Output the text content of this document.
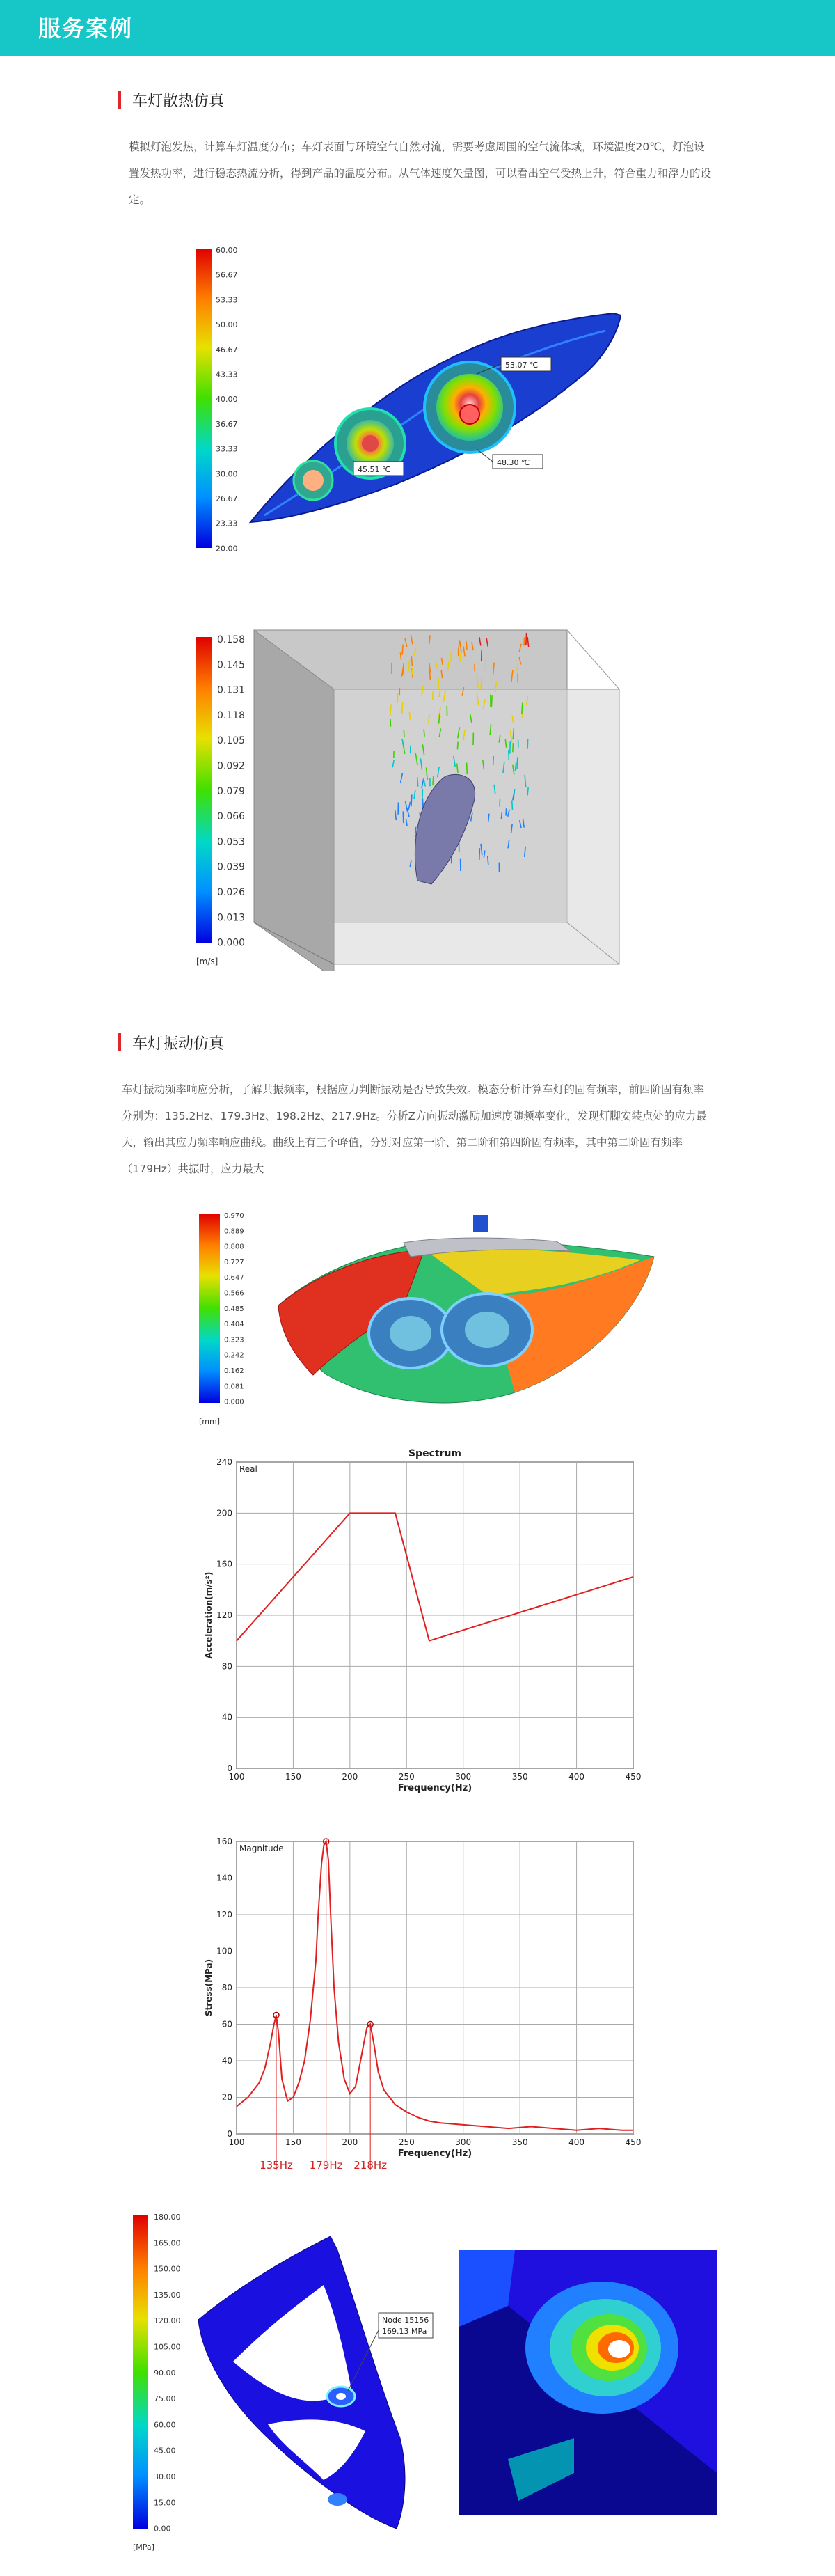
服务案例
车灯散热仿真
模拟灯泡发热，计算车灯温度分布；车灯表面与环境空气自然对流，需要考虑周围的空气流体域，环境温度20℃，灯泡设置发热功率，进行稳态热流分析，得到产品的温度分布。从气体速度矢量图，可以看出空气受热上升，符合重力和浮力的设定。
60.00
56.67
53.33
50.00
46.67
43.33
40.00
36.67
33.33
30.00
26.67
23.33
20.00
53.07 ℃
45.51 ℃
48.30 ℃
0.158
0.145
0.131
0.118
0.105
0.092
0.079
0.066
0.053
0.039
0.026
0.013
0.000
[m/s]
车灯振动仿真
车灯振动频率响应分析，了解共振频率，根据应力判断振动是否导致失效。模态分析计算车灯的固有频率，前四阶固有频率分别为：135.2Hz、179.3Hz、198.2Hz、217.9Hz。分析Z方向振动激励加速度随频率变化，发现灯脚安装点处的应力最大，输出其应力频率响应曲线。曲线上有三个峰值，分别对应第一阶、第二阶和第四阶固有频率，其中第二阶固有频率（179Hz）共振时，应力最大
0.970
0.889
0.808
0.727
0.647
0.566
0.485
0.404
0.323
0.242
0.162
0.081
0.000
[mm]
100	150	200	250	300	350	400	450
0
40
80
120
160
200
240
Spectrum
Real
Frequency(Hz)
Acceleration(m/s²)
100	150	200	250	300	350	400	450
0
20
40
60
80
100
120
140
160
Magnitude
Frequency(Hz)
Stress(MPa)
135Hz 179Hz 218Hz
180.00
165.00
150.00
135.00
120.00
105.00
90.00
75.00
60.00
45.00
30.00
15.00
0.00
[MPa]
Node 15156
169.13 MPa
